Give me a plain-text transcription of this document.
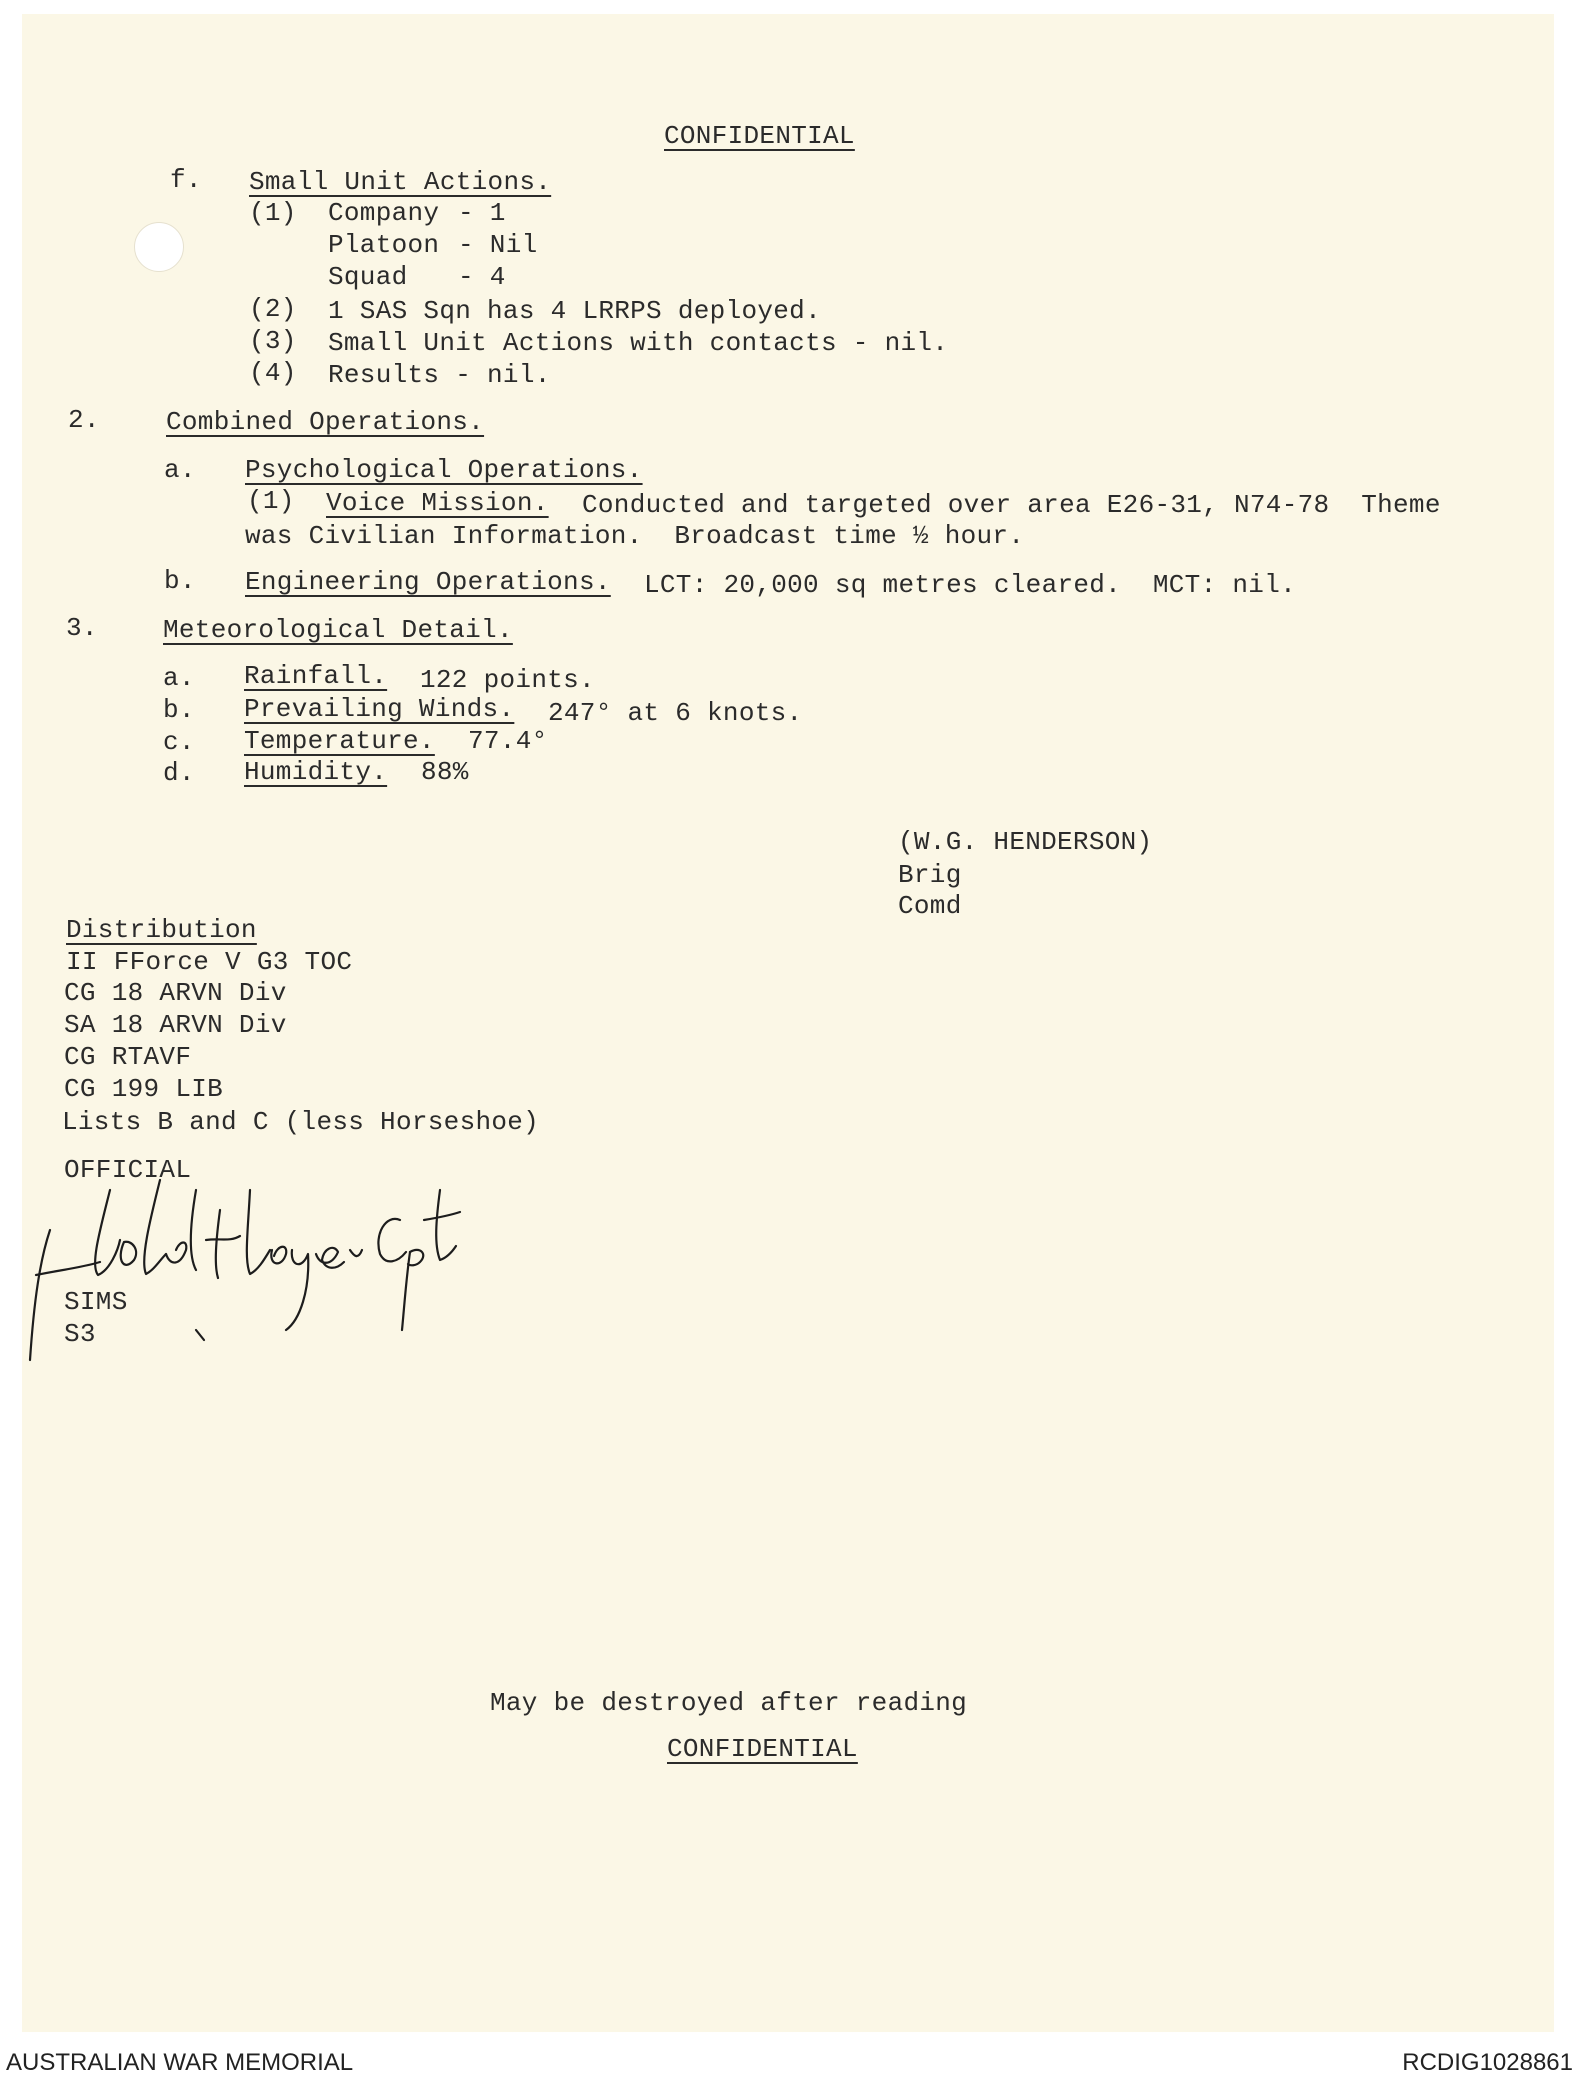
CONFIDENTIAL
f. Small Unit Actions.
(1) Company - 1
Platoon - Nil
Squad - 4
(2) 1 SAS Sqn has 4 LRRPS deployed.
(3) Small Unit Actions with contacts - nil.
(4) Results - nil.
2.	Combined Operations.
a. Psychological Operations.
(1) Voice Mission. Conducted and targeted over area E26-31, N74-78  Theme
was Civilian Information.  Broadcast time ½ hour.
b. Engineering Operations. LCT: 20,000 sq metres cleared.  MCT: nil.
3.	Meteorological Detail.
a. Rainfall. 122 points.
b. Prevailing Winds. 247° at 6 knots.
c. Temperature. 77.4°
d. Humidity. 88%
(W.G. HENDERSON)
Brig
Comd
Distribution
II FForce V G3 TOC
CG 18 ARVN Div
SA 18 ARVN Div
CG RTAVF
CG 199 LIB
Lists B and C (less Horseshoe)
OFFICIAL
SIMS
S3
May be destroyed after reading
CONFIDENTIAL
AUSTRALIAN WAR MEMORIAL	RCDIG1028861
